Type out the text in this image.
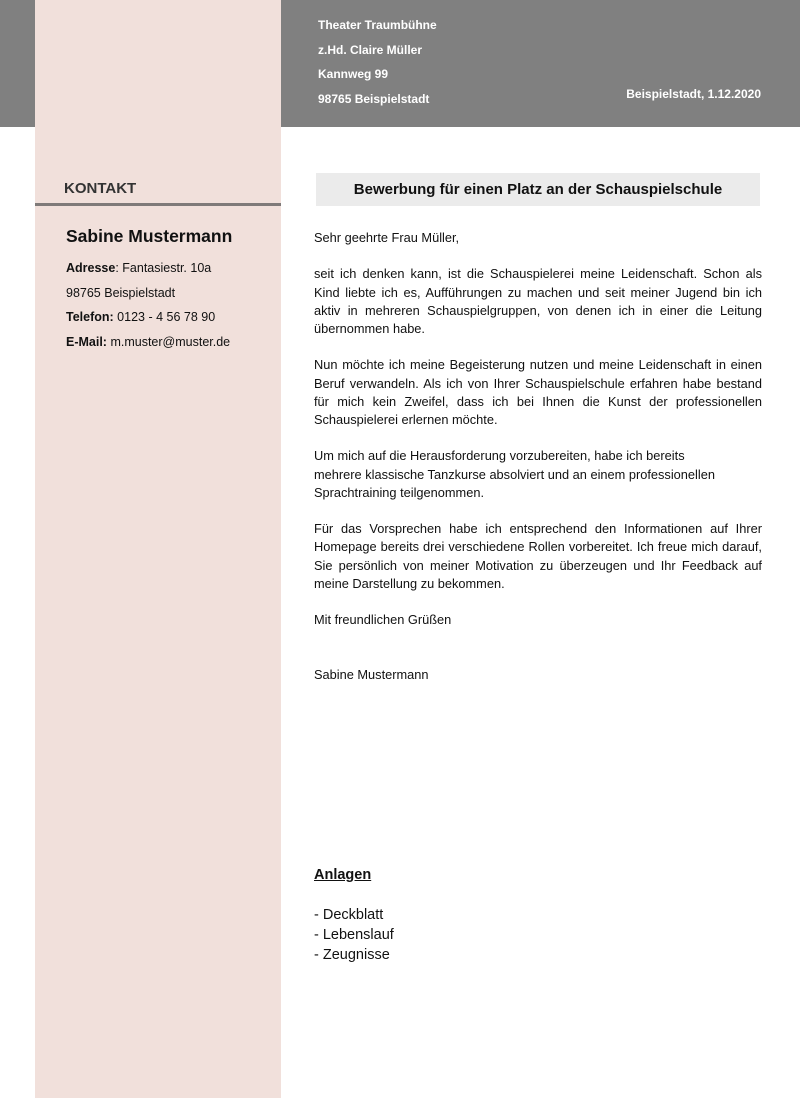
Theater Traumbühne
z.Hd. Claire Müller
Kannweg 99
98765 Beispielstadt	Beispielstadt, 1.12.2020
KONTAKT
Sabine Mustermann
Adresse: Fantasiestr. 10a
98765 Beispielstadt
Telefon: 0123 - 4 56 78 90
E-Mail: m.muster@muster.de
Bewerbung für einen Platz an der Schauspielschule

Sehr geehrte Frau Müller,

seit ich denken kann, ist die Schauspielerei meine Leidenschaft. Schon als Kind liebte ich es, Aufführungen zu machen und seit meiner Jugend bin ich aktiv in mehreren Schauspielgruppen, von denen ich in einer die Leitung übernommen habe.

Nun möchte ich meine Begeisterung nutzen und meine Leidenschaft in einen Beruf verwandeln. Als ich von Ihrer Schauspielschule erfahren habe bestand für mich kein Zweifel, dass ich bei Ihnen die Kunst der professionellen Schauspielerei erlernen möchte.

Um mich auf die Herausforderung vorzubereiten, habe ich bereits

mehrere klassische Tanzkurse absolviert und an einem professionellen

Sprachtraining teilgenommen.

Für das Vorsprechen habe ich entsprechend den Informationen auf Ihrer Homepage bereits drei verschiedene Rollen vorbereitet. Ich freue mich darauf, Sie persönlich von meiner Motivation zu überzeugen und Ihr Feedback auf meine Darstellung zu bekommen.

Mit freundlichen Grüßen

Sabine Mustermann

Anlagen
- Deckblatt
- Lebenslauf
- Zeugnisse
